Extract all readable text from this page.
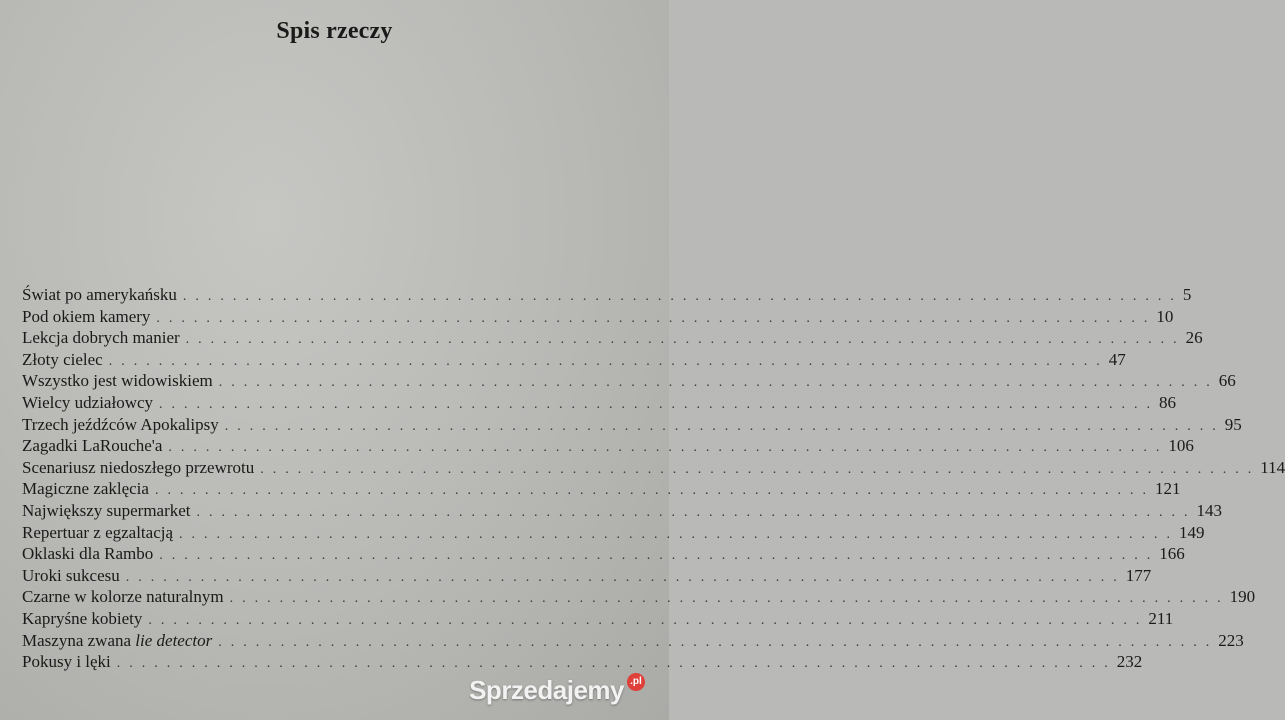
Spis rzeczy
Świat po amerykańsku ................................................................................ 5
Pod okiem kamery ................................................................................ 10
Lekcja dobrych manier ................................................................................ 26
Złoty cielec ................................................................................ 47
Wszystko jest widowiskiem ................................................................................ 66
Wielcy udziałowcy ................................................................................ 86
Trzech jeźdźców Apokalipsy ................................................................................ 95
Zagadki LaRouche'a ................................................................................ 106
Scenariusz niedoszłego przewrotu ................................................................................ 114
Magiczne zaklęcia ................................................................................ 121
Największy supermarket ................................................................................ 143
Repertuar z egzaltacją ................................................................................ 149
Oklaski dla Rambo ................................................................................ 166
Uroki sukcesu ................................................................................ 177
Czarne w kolorze naturalnym ................................................................................ 190
Kapryśne kobiety ................................................................................ 211
Maszyna zwana lie detector ................................................................................ 223
Pokusy i lęki ................................................................................ 232
Sprzedajemy .pl
